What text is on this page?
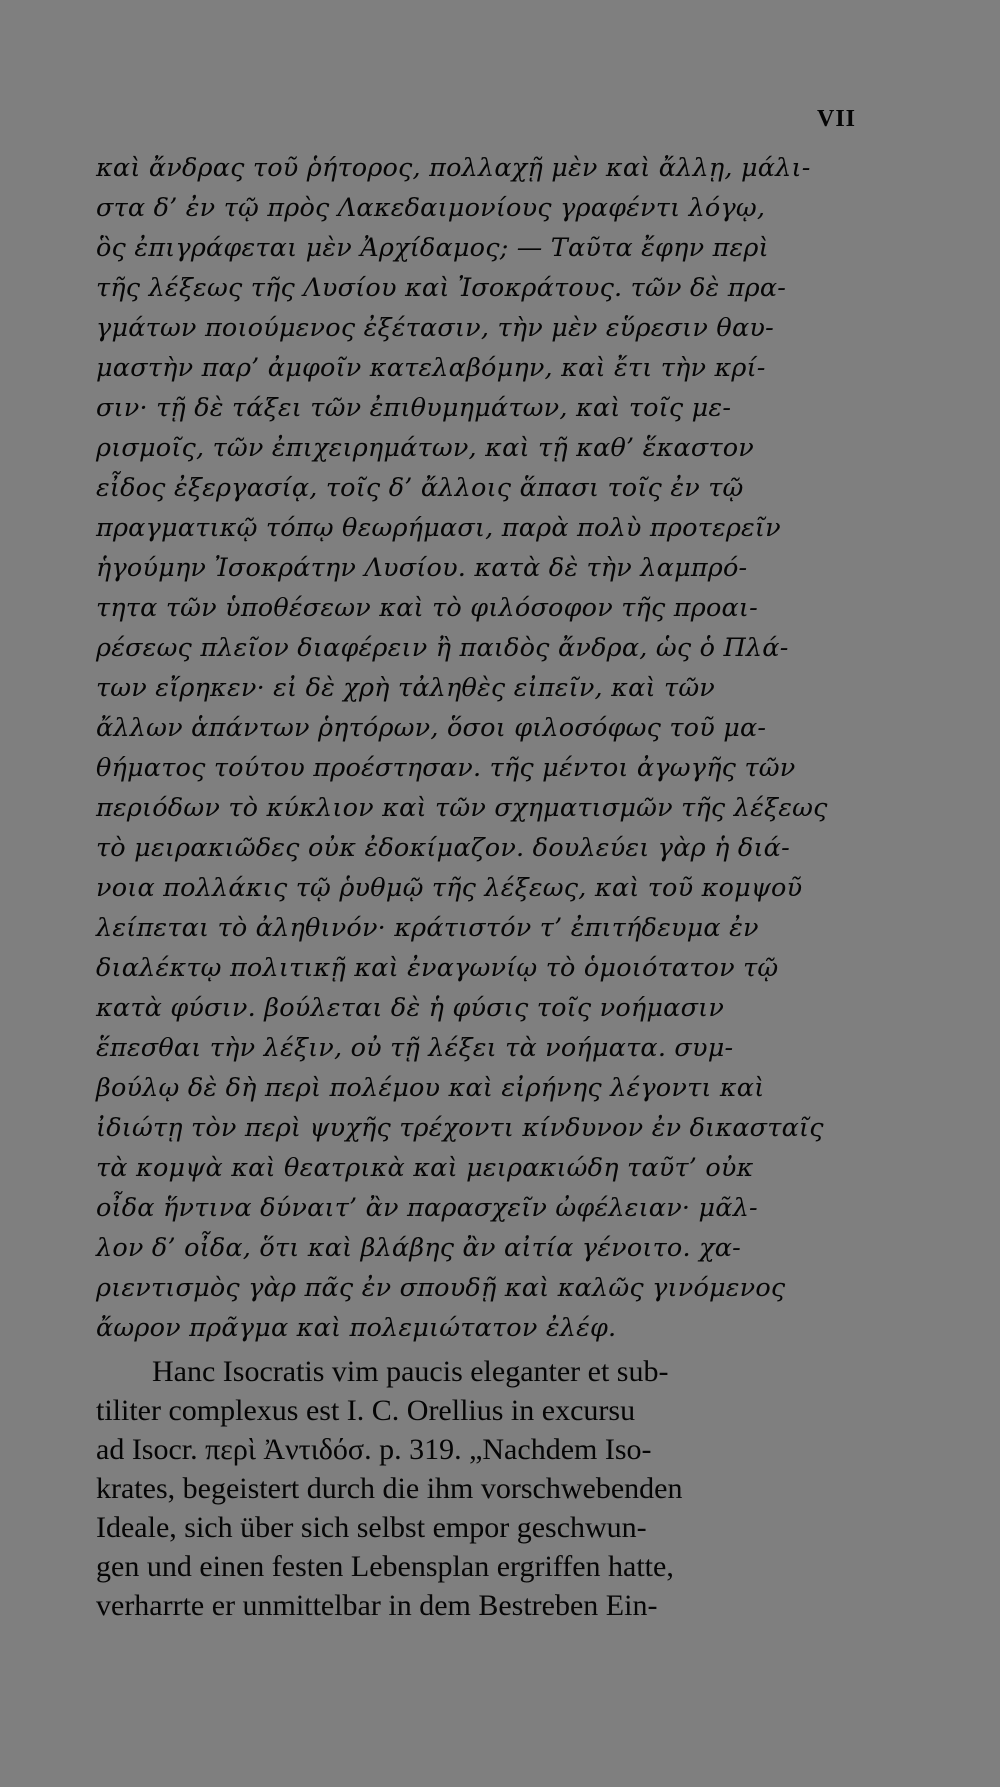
VII
καὶ ἄνδρας τοῦ ῥήτορος, πολλαχῇ μὲν καὶ ἄλλῃ, μάλι-
στα δ’ ἐν τῷ πρὸς Λακεδαιμονίους γραφέντι λόγῳ,
ὃς ἐπιγράφεται μὲν Ἀρχίδαμος; — Ταῦτα ἔφην περὶ
τῆς λέξεως τῆς Λυσίου καὶ Ἰσοκράτους. τῶν δὲ πρα-
γμάτων ποιούμενος ἐξέτασιν, τὴν μὲν εὕρεσιν θαυ-
μαστὴν παρ’ ἀμφοῖν κατελαβόμην, καὶ ἔτι τὴν κρί-
σιν· τῇ δὲ τάξει τῶν ἐπιθυμημάτων, καὶ τοῖς με-
ρισμοῖς, τῶν ἐπιχειρημάτων, καὶ τῇ καθ’ ἕκαστον
εἶδος ἐξεργασίᾳ, τοῖς δ’ ἄλλοις ἅπασι τοῖς ἐν τῷ
πραγματικῷ τόπῳ θεωρήμασι, παρὰ πολὺ προτερεῖν
ἡγούμην Ἰσοκράτην Λυσίου. κατὰ δὲ τὴν λαμπρό-
τητα τῶν ὑποθέσεων καὶ τὸ φιλόσοφον τῆς προαι-
ρέσεως πλεῖον διαφέρειν ἢ παιδὸς ἄνδρα, ὡς ὁ Πλά-
των εἴρηκεν· εἰ δὲ χρὴ τἀληθὲς εἰπεῖν, καὶ τῶν
ἄλλων ἁπάντων ῥητόρων, ὅσοι φιλοσόφως τοῦ μα-
θήματος τούτου προέστησαν. τῆς μέντοι ἀγωγῆς τῶν
περιόδων τὸ κύκλιον καὶ τῶν σχηματισμῶν τῆς λέξεως
τὸ μειρακιῶδες οὐκ ἐδοκίμαζον. δουλεύει γὰρ ἡ διά-
νοια πολλάκις τῷ ῥυθμῷ τῆς λέξεως, καὶ τοῦ κομψοῦ
λείπεται τὸ ἀληθινόν· κράτιστόν τ’ ἐπιτήδευμα ἐν
διαλέκτῳ πολιτικῇ καὶ ἐναγωνίῳ τὸ ὁμοιότατον τῷ
κατὰ φύσιν. βούλεται δὲ ἡ φύσις τοῖς νοήμασιν
ἕπεσθαι τὴν λέξιν, οὐ τῇ λέξει τὰ νοήματα. συμ-
βούλῳ δὲ δὴ περὶ πολέμου καὶ εἰρήνης λέγοντι καὶ
ἰδιώτῃ τὸν περὶ ψυχῆς τρέχοντι κίνδυνον ἐν δικασταῖς
τὰ κομψὰ καὶ θεατρικὰ καὶ μειρακιώδη ταῦτ’ οὐκ
οἶδα ἥντινα δύναιτ’ ἂν παρασχεῖν ὠφέλειαν· μᾶλ-
λον δ’ οἶδα, ὅτι καὶ βλάβης ἂν αἰτία γένοιτο. χα-
ριεντισμὸς γὰρ πᾶς ἐν σπουδῇ καὶ καλῶς γινόμενος
ἄωρον πρᾶγμα καὶ πολεμιώτατον ἐλέφ.
Hanc Isocratis vim paucis eleganter et sub-
tiliter complexus est I. C. Orellius in excursu
ad Isocr. περὶ Ἀντιδόσ. p. 319. „Nachdem Iso-
krates, begeistert durch die ihm vorschwebenden
Ideale, sich über sich selbst empor geschwun-
gen und einen festen Lebensplan ergriffen hatte,
verharrte er unmittelbar in dem Bestreben Ein-
